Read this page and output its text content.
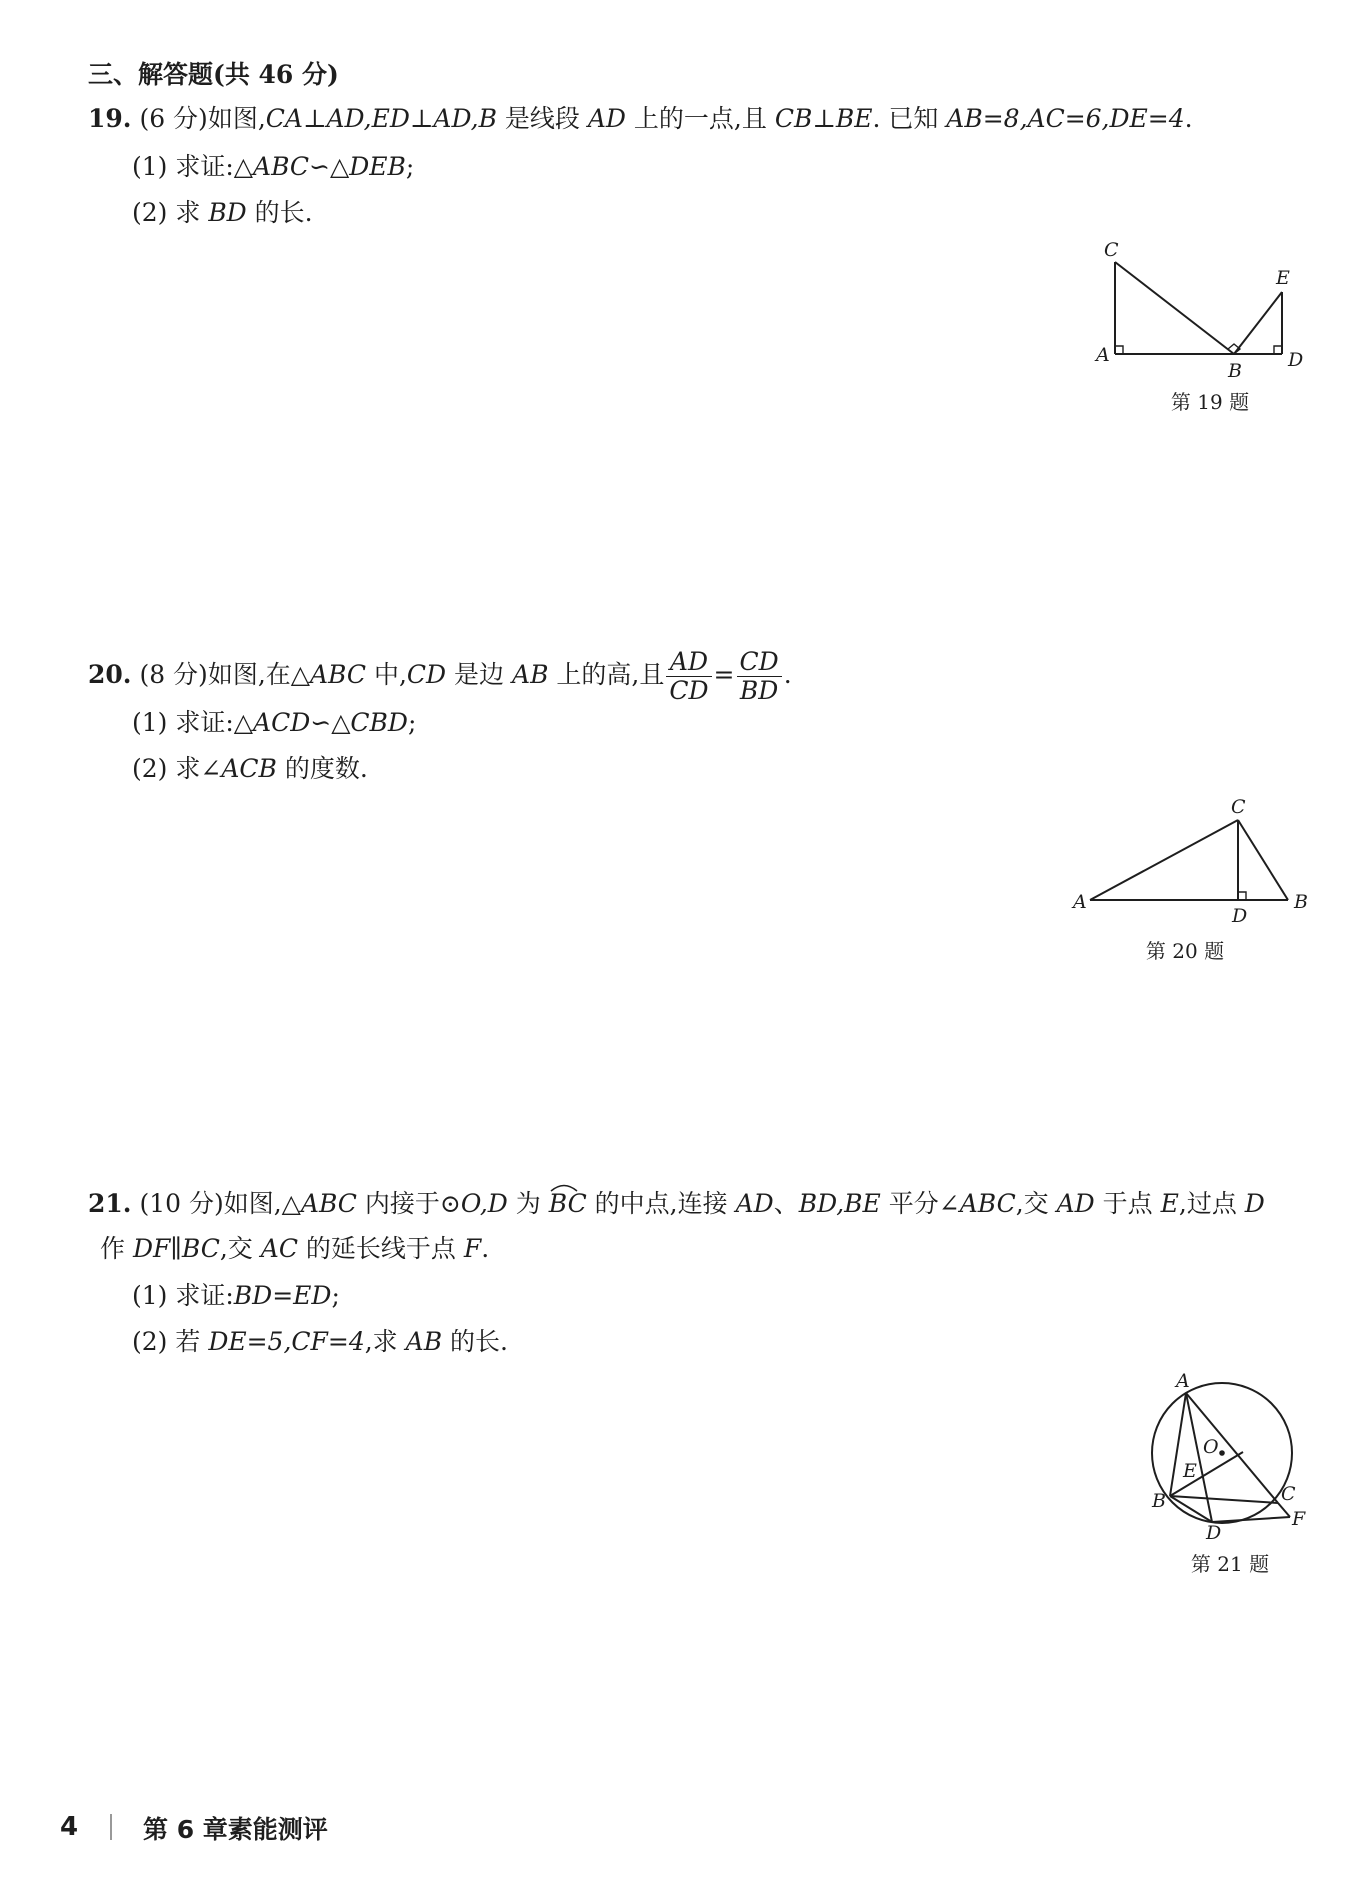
三、解答题(共 46 分)
19. (6 分)如图,CA⊥AD,ED⊥AD,B 是线段 AD 上的一点,且 CB⊥BE. 已知 AB=8,AC=6,DE=4.
(1) 求证:△ABC∽△DEB;
(2) 求 BD 的长.
C
A
B D
E
第 19 题
20. (8 分)如图,在△ABC 中,CD 是边 AB 上的高,且 $\frac{AD}{CD} = \frac{CD}{BD}$ .
(1) 求证:△ACD∽△CBD;
(2) 求∠ACB 的度数.
C
A	B
D
第 20 题
21. (10 分)如图,△ABC 内接于⊙O,D 为 BC
的中点,连接 AD、BD,BE 平分∠ABC,交 AD 于点 E,过点 D
作 DF∥BC,交 AC 的延长线于点 F.
(1) 求证:BD=ED;
(2) 若 DE=5,CF=4,求 AB 的长.
A
B	C
D
E
F
O
第 21 题
4	第 6 章素能测评
